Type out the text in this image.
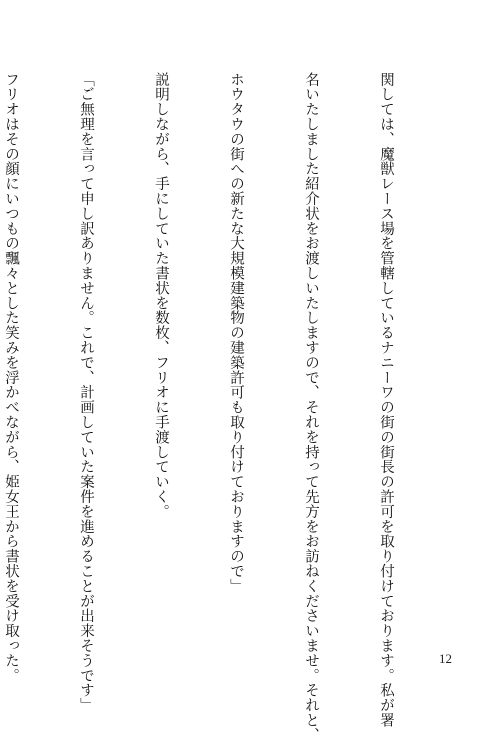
関しては、魔獣レース場を管轄しているナニーワの街の街長の許可を取り付けております。私が署

名いたしました紹介状をお渡しいたしますので、それを持って先方をお訪ねくださいませ。それと、

ホウタウの街への新たな大規模建築物の建築許可も取り付けておりますので」

説明しながら、手にしていた書状を数枚、フリオに手渡していく。

「ご無理を言って申し訳ありません。これで、計画していた案件を進めることが出来そうです」

フリオはその顔にいつもの飄々とした笑みを浮かべながら、姫女王から書状を受け取った。

	12
